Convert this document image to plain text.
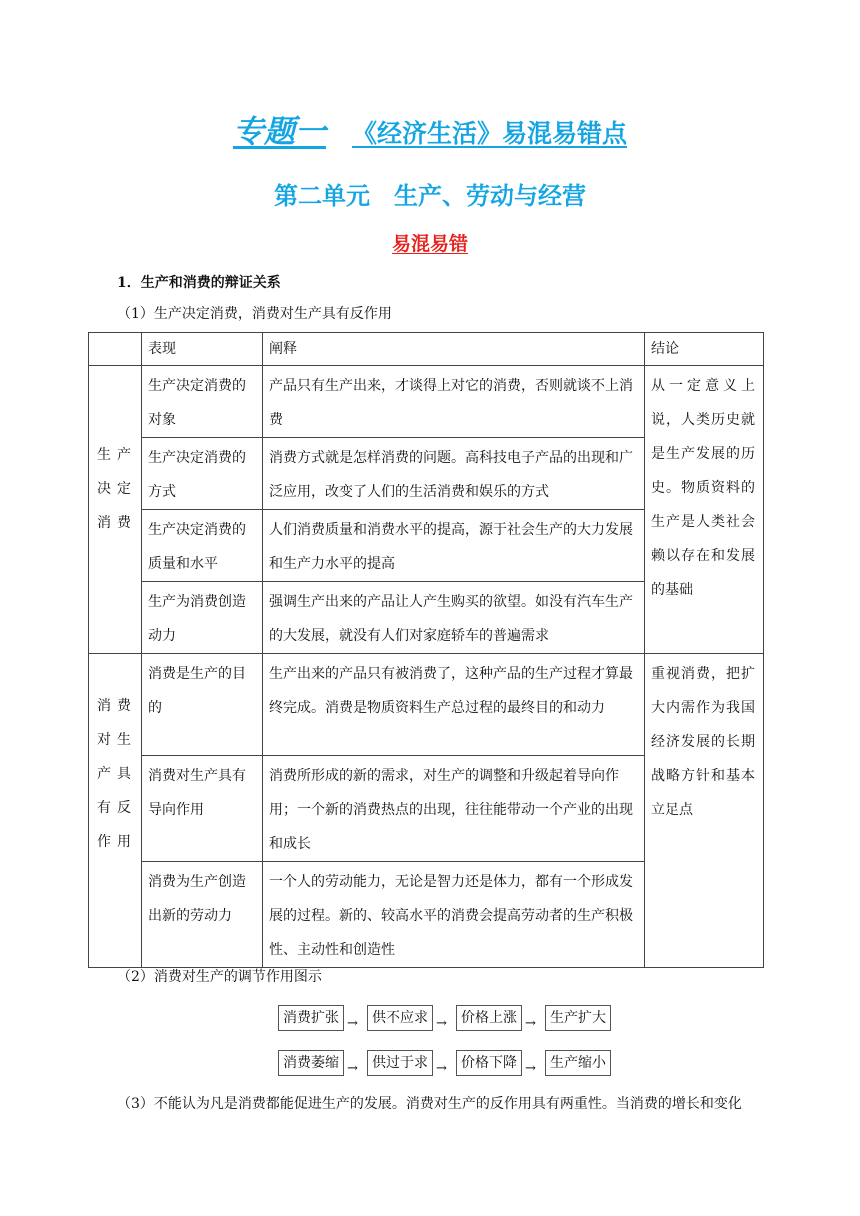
专题一 《经济生活》易混易错点
第二单元　生产、劳动与经营
易混易错
1．生产和消费的辩证关系
（1）生产决定消费，消费对生产具有反作用
	表现	阐释	结论
生产决定消费	生产决定消费的对象	产品只有生产出来，才谈得上对它的消费，否则就谈不上消费	从一定意义上说，人类历史就是生产发展的历史。物质资料的生产是人类社会赖以存在和发展的基础
	生产决定消费的方式	消费方式就是怎样消费的问题。高科技电子产品的出现和广泛应用，改变了人们的生活消费和娱乐的方式	
	生产决定消费的质量和水平	人们消费质量和消费水平的提高，源于社会生产的大力发展和生产力水平的提高	
	生产为消费创造动力	强调生产出来的产品让人产生购买的欲望。如没有汽车生产的大发展，就没有人们对家庭轿车的普遍需求	
消费对生产具有反作用	消费是生产的目的	生产出来的产品只有被消费了，这种产品的生产过程才算最终完成。消费是物质资料生产总过程的最终目的和动力	重视消费，把扩大内需作为我国经济发展的长期战略方针和基本立足点
	消费对生产具有导向作用	消费所形成的新的需求，对生产的调整和升级起着导向作用；一个新的消费热点的出现，往往能带动一个产业的出现和成长	
	消费为生产创造出新的劳动力	一个人的劳动能力，无论是智力还是体力，都有一个形成发展的过程。新的、较高水平的消费会提高劳动者的生产积极性、主动性和创造性	
（2）消费对生产的调节作用图示
消费扩张 →	供不应求 →	价格上涨 →	生产扩大
消费萎缩 →	供过于求 →	价格下降 →	生产缩小
（3）不能认为凡是消费都能促进生产的发展。消费对生产的反作用具有两重性。当消费的增长和变化
